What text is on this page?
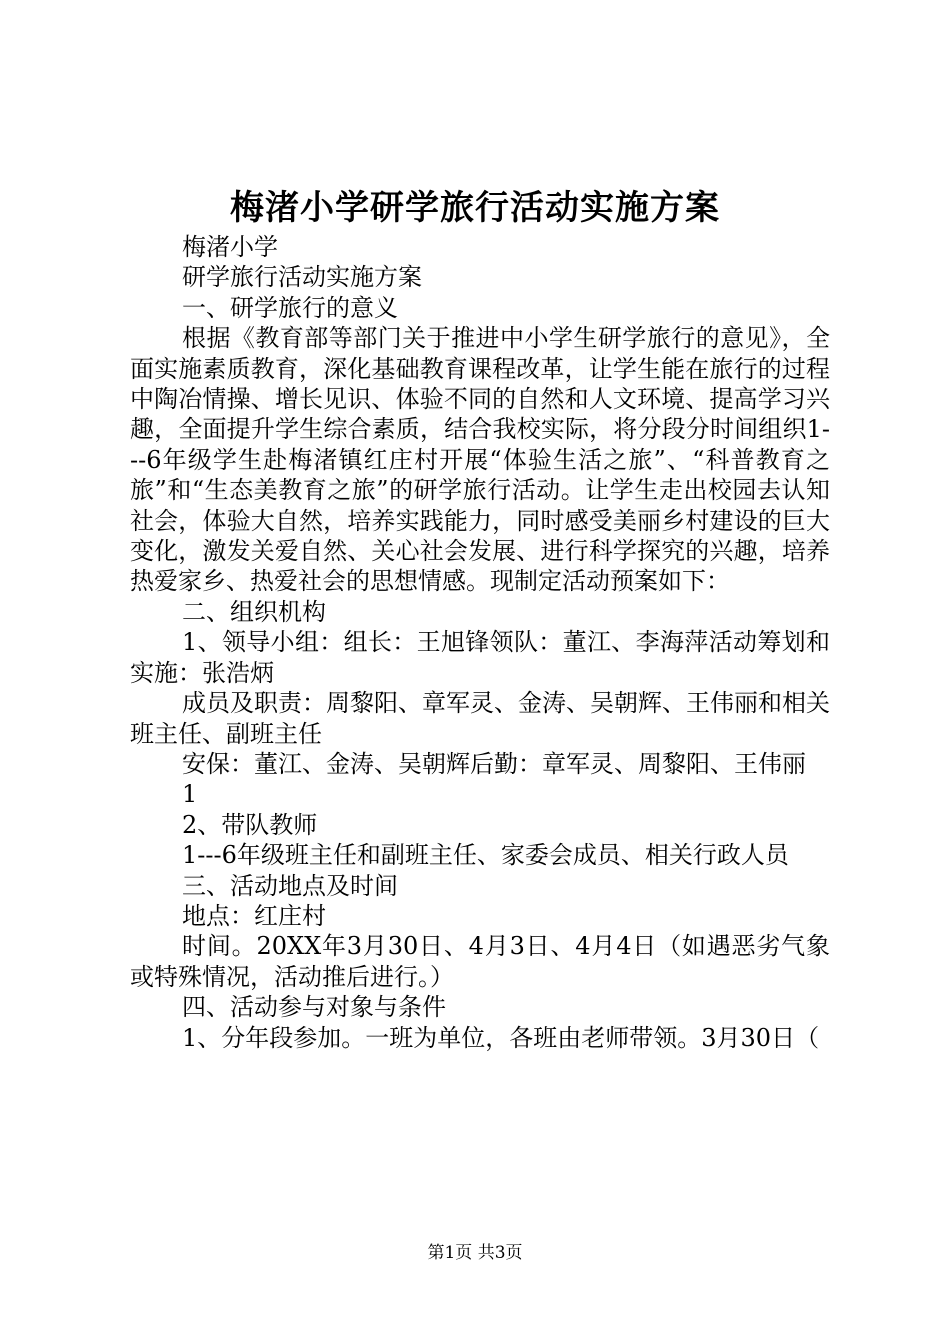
梅渚小学研学旅行活动实施方案

梅渚小学

研学旅行活动实施方案

一、研学旅行的意义

根据《教育部等部门关于推进中小学生研学旅行的意见》，全面实施素质教育，深化基础教育课程改革，让学生能在旅行的过程中陶冶情操、增长见识、体验不同的自然和人文环境、提高学习兴趣，全面提升学生综合素质，结合我校实际，将分段分时间组织1---6年级学生赴梅渚镇红庄村开展“体验生活之旅”、“科普教育之旅”和“生态美教育之旅”的研学旅行活动。让学生走出校园去认知社会，体验大自然，培养实践能力，同时感受美丽乡村建设的巨大变化，激发关爱自然、关心社会发展、进行科学探究的兴趣，培养热爱家乡、热爱社会的思想情感。现制定活动预案如下：

二、组织机构

1、领导小组：组长：王旭锋领队：董江、李海萍活动筹划和实施：张浩炳

成员及职责：周黎阳、章军灵、金涛、吴朝辉、王伟丽和相关班主任、副班主任

安保：董江、金涛、吴朝辉后勤：章军灵、周黎阳、王伟丽

1

2、带队教师

1---6年级班主任和副班主任、家委会成员、相关行政人员

三、活动地点及时间

地点：红庄村

时间。20XX年3月30日、4月3日、4月4日（如遇恶劣气象或特殊情况，活动推后进行。）

四、活动参与对象与条件

1、分年段参加。一班为单位，各班由老师带领。3月30日（

第1页 共3页
